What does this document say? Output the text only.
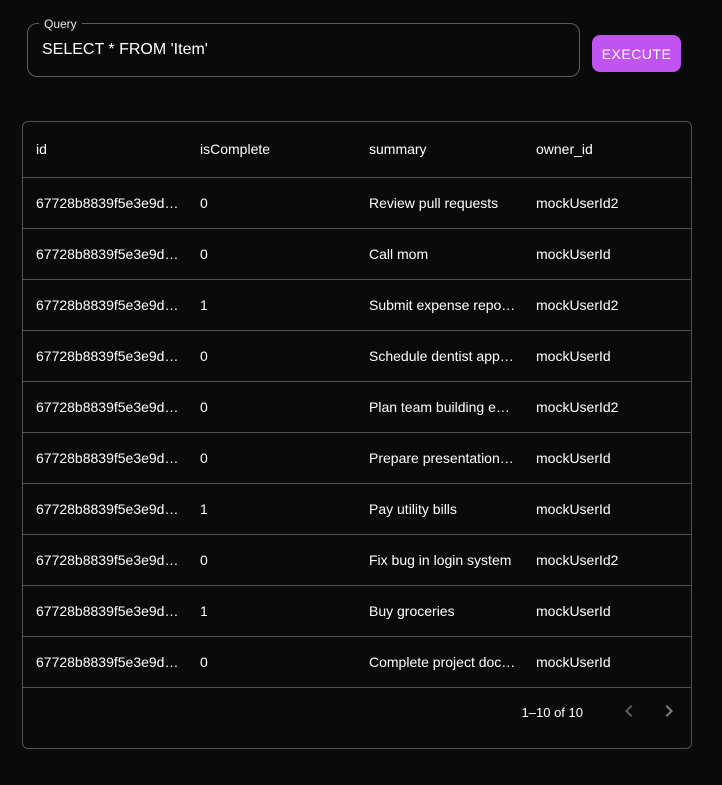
Query
SELECT * FROM 'Item'
EXECUTE
id	isComplete	summary	owner_id
67728b8839f5e3e9d…	0	Review pull requests	mockUserId2
67728b8839f5e3e9d…	0	Call mom	mockUserId
67728b8839f5e3e9d…	1	Submit expense repo…	mockUserId2
67728b8839f5e3e9d…	0	Schedule dentist app…	mockUserId
67728b8839f5e3e9d…	0	Plan team building e…	mockUserId2
67728b8839f5e3e9d…	0	Prepare presentation…	mockUserId
67728b8839f5e3e9d…	1	Pay utility bills	mockUserId
67728b8839f5e3e9d…	0	Fix bug in login system	mockUserId2
67728b8839f5e3e9d…	1	Buy groceries	mockUserId
67728b8839f5e3e9d…	0	Complete project doc…	mockUserId
1–10 of 10
